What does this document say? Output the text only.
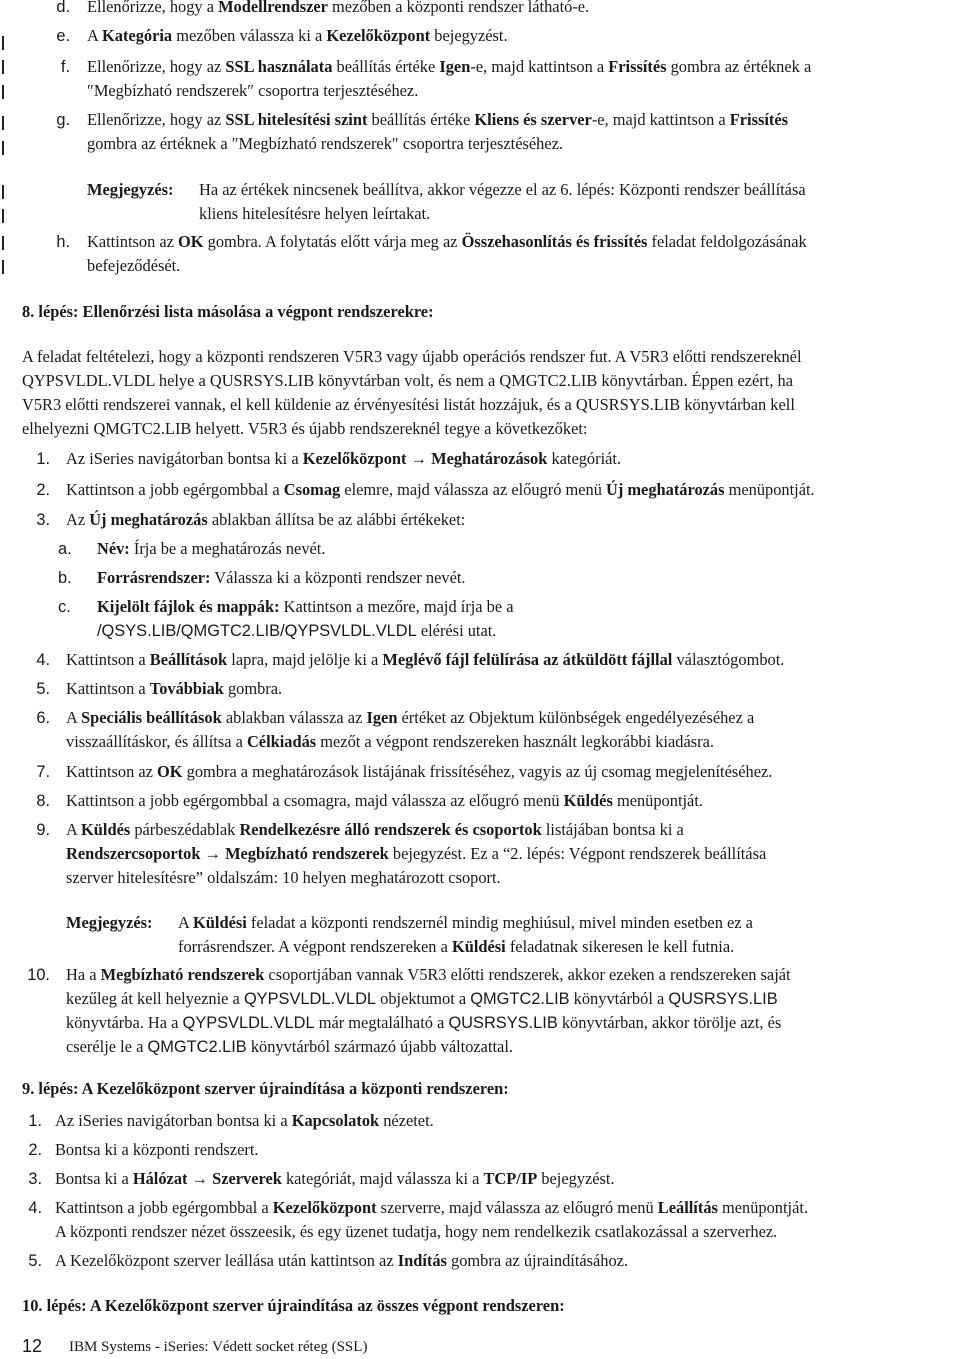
d. Ellenőrizze, hogy a Modellrendszer mezőben a központi rendszer látható-e.
e. A Kategória mezőben válassza ki a Kezelőközpont bejegyzést.
f. Ellenőrizze, hogy az SSL használata beállítás értéke Igen-e, majd kattintson a Frissítés gombra az értéknek a
″Megbízható rendszerek″ csoportra terjesztéséhez.
g. Ellenőrizze, hogy az SSL hitelesítési szint beállítás értéke Kliens és szerver-e, majd kattintson a Frissítés
gombra az értéknek a ″Megbízható rendszerek″ csoportra terjesztéséhez.
Megjegyzés: Ha az értékek nincsenek beállítva, akkor végezze el az 6. lépés: Központi rendszer beállítása
kliens hitelesítésre helyen leírtakat.
h. Kattintson az OK gombra. A folytatás előtt várja meg az Összehasonlítás és frissítés feladat feldolgozásának
befejeződését.
8. lépés: Ellenőrzési lista másolása a végpont rendszerekre:
A feladat feltételezi, hogy a központi rendszeren V5R3 vagy újabb operációs rendszer fut. A V5R3 előtti rendszereknél
QYPSVLDL.VLDL helye a QUSRSYS.LIB könyvtárban volt, és nem a QMGTC2.LIB könyvtárban. Éppen ezért, ha
V5R3 előtti rendszerei vannak, el kell küldenie az érvényesítési listát hozzájuk, és a QUSRSYS.LIB könyvtárban kell
elhelyezni QMGTC2.LIB helyett. V5R3 és újabb rendszereknél tegye a következőket:
1. Az iSeries navigátorban bontsa ki a Kezelőközpont → Meghatározások kategóriát.
2. Kattintson a jobb egérgombbal a Csomag elemre, majd válassza az előugró menü Új meghatározás menüpontját.
3. Az Új meghatározás ablakban állítsa be az alábbi értékeket:
a.	Név: Írja be a meghatározás nevét.
b.	Forrásrendszer: Válassza ki a központi rendszer nevét.
c.	Kijelölt fájlok és mappák: Kattintson a mezőre, majd írja be a
/QSYS.LIB/QMGTC2.LIB/QYPSVLDL.VLDL elérési utat.
4. Kattintson a Beállítások lapra, majd jelölje ki a Meglévő fájl felülírása az átküldött fájllal választógombot.
5. Kattintson a Továbbiak gombra.
6. A Speciális beállítások ablakban válassza az Igen értéket az Objektum különbségek engedélyezéséhez a
visszaállításkor, és állítsa a Célkiadás mezőt a végpont rendszereken használt legkorábbi kiadásra.
7. Kattintson az OK gombra a meghatározások listájának frissítéséhez, vagyis az új csomag megjelenítéséhez.
8. Kattintson a jobb egérgombbal a csomagra, majd válassza az előugró menü Küldés menüpontját.
9. A Küldés párbeszédablak Rendelkezésre álló rendszerek és csoportok listájában bontsa ki a
Rendszercsoportok → Megbízható rendszerek bejegyzést. Ez a “2. lépés: Végpont rendszerek beállítása
szerver hitelesítésre” oldalszám: 10 helyen meghatározott csoport.
Megjegyzés: A Küldési feladat a központi rendszernél mindig meghiúsul, mivel minden esetben ez a
forrásrendszer. A végpont rendszereken a Küldési feladatnak sikeresen le kell futnia.
10. Ha a Megbízható rendszerek csoportjában vannak V5R3 előtti rendszerek, akkor ezeken a rendszereken saját
kezűleg át kell helyeznie a QYPSVLDL.VLDL objektumot a QMGTC2.LIB könyvtárból a QUSRSYS.LIB
könyvtárba. Ha a QYPSVLDL.VLDL már megtalálható a QUSRSYS.LIB könyvtárban, akkor törölje azt, és
cserélje le a QMGTC2.LIB könyvtárból származó újabb változattal.
9. lépés: A Kezelőközpont szerver újraindítása a központi rendszeren:
1. Az iSeries navigátorban bontsa ki a Kapcsolatok nézetet.
2. Bontsa ki a központi rendszert.
3. Bontsa ki a Hálózat → Szerverek kategóriát, majd válassza ki a TCP/IP bejegyzést.
4. Kattintson a jobb egérgombbal a Kezelőközpont szerverre, majd válassza az előugró menü Leállítás menüpontját.
A központi rendszer nézet összeesik, és egy üzenet tudatja, hogy nem rendelkezik csatlakozással a szerverhez.
5. A Kezelőközpont szerver leállása után kattintson az Indítás gombra az újraindításához.
10. lépés: A Kezelőközpont szerver újraindítása az összes végpont rendszeren:
12 IBM Systems - iSeries: Védett socket réteg (SSL)
